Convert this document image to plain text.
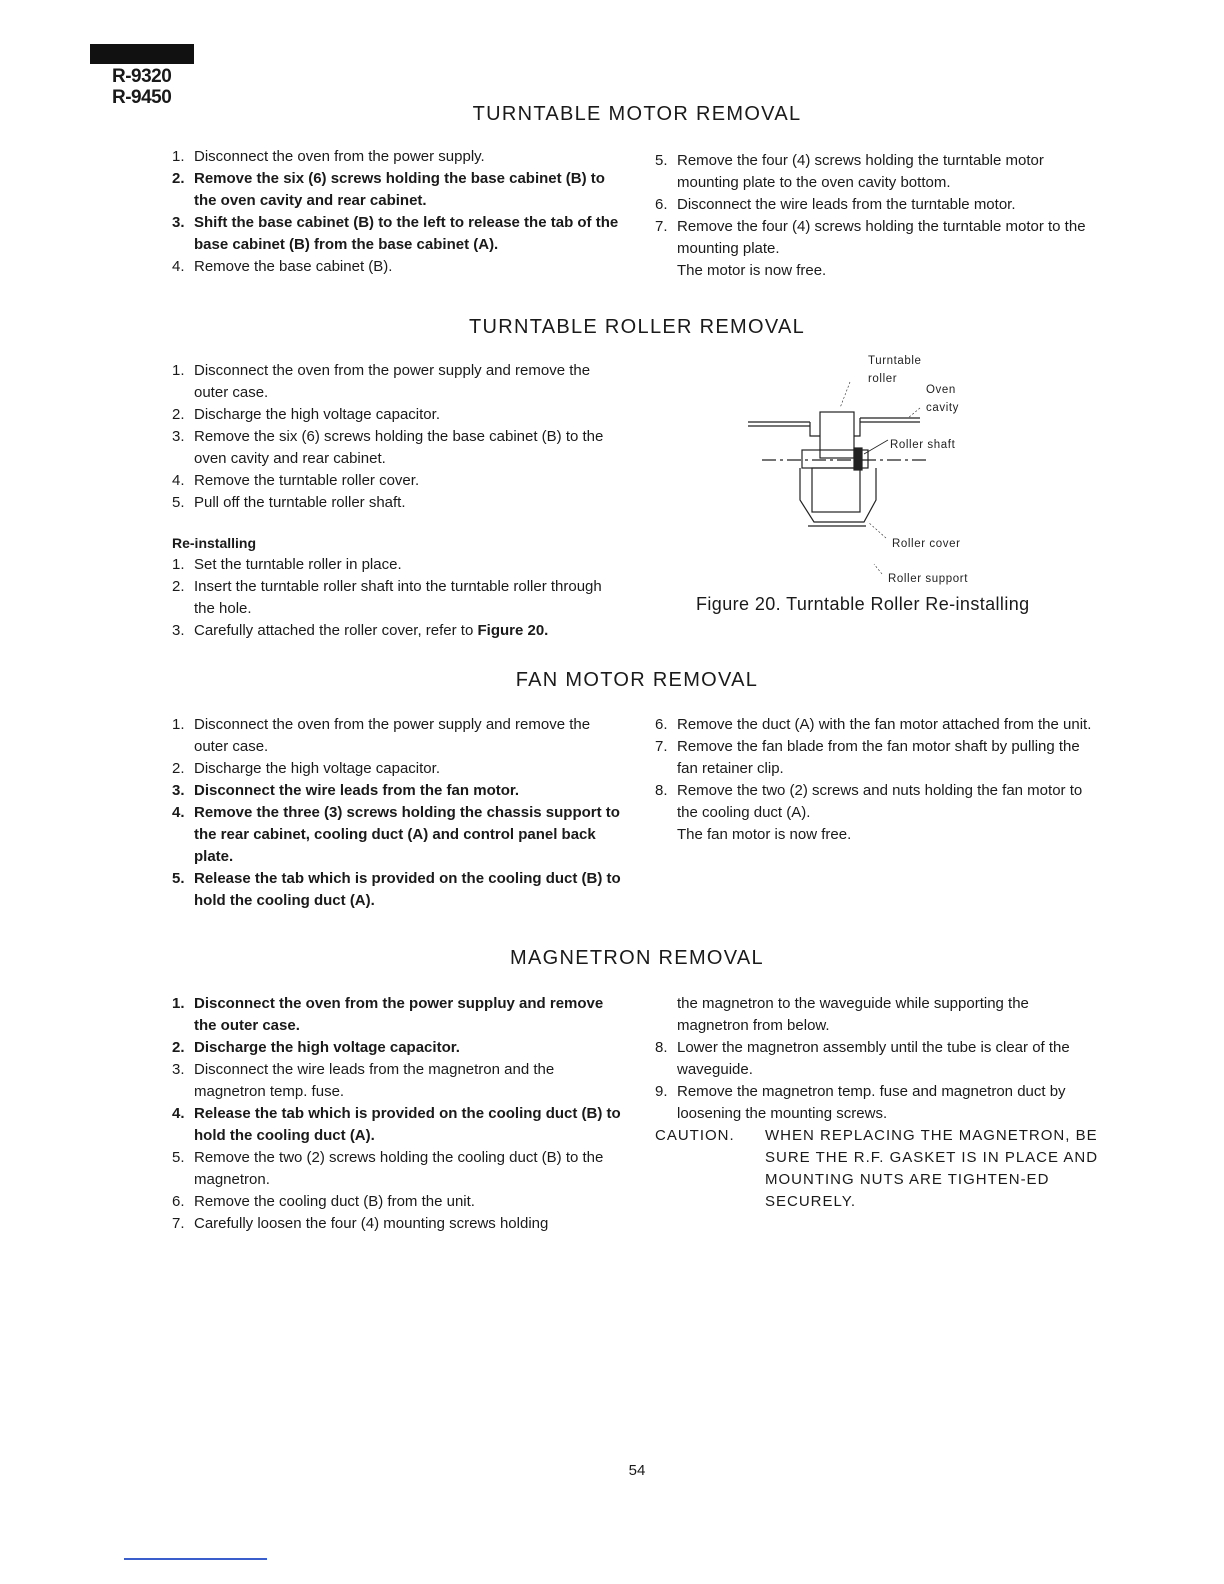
R-9320
R-9450
TURNTABLE MOTOR REMOVAL
1. Disconnect the oven from the power supply.
2. Remove the six (6) screws holding the base cabinet (B) to the oven cavity and rear cabinet.
3. Shift the base cabinet (B) to the left to release the tab of the base cabinet (B) from the base cabinet (A).
4. Remove the base cabinet (B).
5. Remove the four (4) screws holding the turntable motor mounting plate to the oven cavity bottom.
6. Disconnect the wire leads from the turntable motor.
7. Remove the four (4) screws holding the turntable motor to the mounting plate.
The motor is now free.
TURNTABLE ROLLER REMOVAL
1. Disconnect the oven from the power supply and remove the outer case.
2. Discharge the high voltage capacitor.
3. Remove the six (6) screws holding the base cabinet (B) to the oven cavity and rear cabinet.
4. Remove the turntable roller cover.
5. Pull off the turntable roller shaft.
Re-installing
1. Set the turntable roller in place.
2. Insert the turntable roller shaft into the turntable roller through the hole.
3. Carefully attached the roller cover, refer to Figure 20.
Turntable
roller
Oven
cavity
Roller shaft
Roller cover
Roller support
Figure 20. Turntable Roller Re-installing
FAN MOTOR REMOVAL
1. Disconnect the oven from the power supply and remove the outer case.
2. Discharge the high voltage capacitor.
3. Disconnect the wire leads from the fan motor.
4. Remove the three (3) screws holding the chassis support to the rear cabinet, cooling duct (A) and control panel back plate.
5. Release the tab which is provided on the cooling duct (B) to hold the cooling duct (A).
6. Remove the duct (A) with the fan motor attached from the unit.
7. Remove the fan blade from the fan motor shaft by pulling the fan retainer clip.
8. Remove the two (2) screws and nuts holding the fan motor to the cooling duct (A).
The fan motor is now free.
MAGNETRON REMOVAL
1. Disconnect the oven from the power suppluy and remove the outer case.
2. Discharge the high voltage capacitor.
3. Disconnect the wire leads from the magnetron and the magnetron temp. fuse.
4. Release the tab which is provided on the cooling duct (B) to hold the cooling duct (A).
5. Remove the two (2) screws holding the cooling duct (B) to the magnetron.
6. Remove the cooling duct (B) from the unit.
7. Carefully loosen the four (4) mounting screws holding
the magnetron to the waveguide while supporting the magnetron from below.
8. Lower the magnetron assembly until the tube is clear of the waveguide.
9. Remove the magnetron temp. fuse and magnetron duct by loosening the mounting screws.
CAUTION. WHEN REPLACING THE MAGNETRON, BE SURE THE R.F. GASKET IS IN PLACE AND MOUNTING NUTS ARE TIGHTEN-ED SECURELY.
54
